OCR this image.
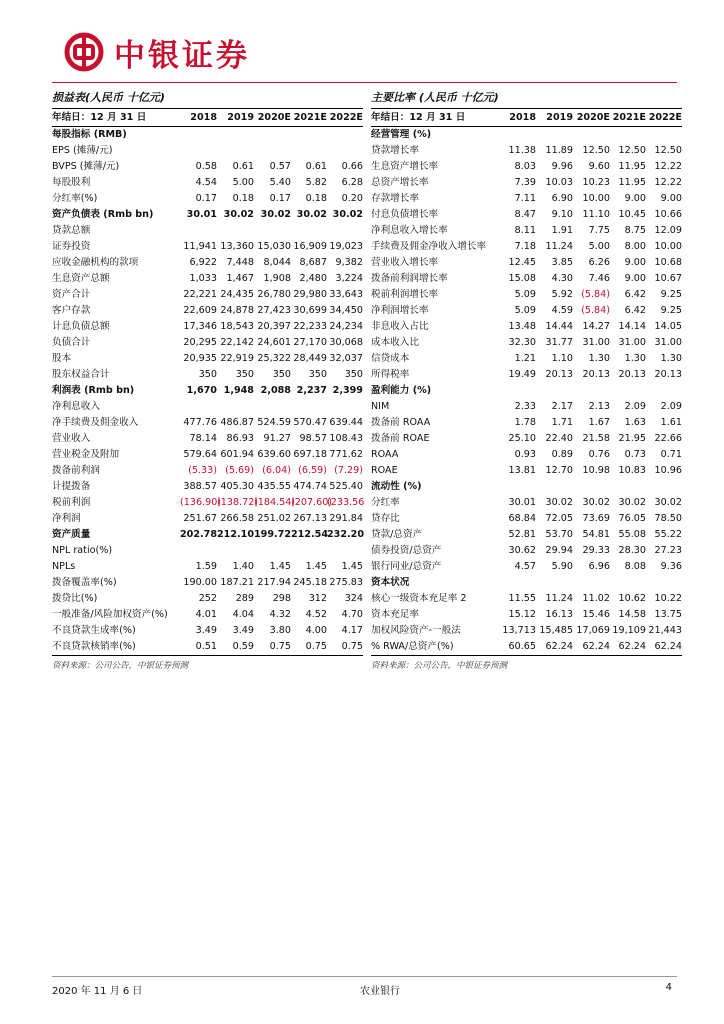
中银证券
损益表(人民币 十亿元)
年结日：12 月 31 日	2018	2019	2020E	2021E	2022E
每股指标 (RMB)					
EPS (摊薄/元)					
BVPS (摊薄/元)	0.58	0.61	0.57	0.61	0.66
每股股利	4.54	5.00	5.40	5.82	6.28
分红率(%)	0.17	0.18	0.17	0.18	0.20
资产负债表 (Rmb bn)	30.01	30.02	30.02	30.02	30.02
贷款总额					
证券投资	11,941	13,360	15,030	16,909	19,023
应收金融机构的款项	6,922	7,448	8,044	8,687	9,382
生息资产总额	1,033	1,467	1,908	2,480	3,224
资产合计	22,221	24,435	26,780	29,980	33,643
客户存款	22,609	24,878	27,423	30,699	34,450
计息负债总额	17,346	18,543	20,397	22,233	24,234
负债合计	20,295	22,142	24,601	27,170	30,068
股本	20,935	22,919	25,322	28,449	32,037
股东权益合计	350	350	350	350	350
利润表 (Rmb bn)	1,670	1,948	2,088	2,237	2,399
净利息收入					
净手续费及佣金收入	477.76	486.87	524.59	570.47	639.44
营业收入	78.14	86.93	91.27	98.57	108.43
营业税金及附加	579.64	601.94	639.60	697.18	771.62
拨备前利润	(5.33)	(5.69)	(6.04)	(6.59)	(7.29)
计提拨备	388.57	405.30	435.55	474.74	525.40
税前利润	(136.90)	(138.72)	(184.54)	(207.60)	(233.56
净利润	251.67	266.58	251.02	267.13	291.84
资产质量	202.78	212.10	199.72	212.54	232.20
NPL ratio(%)					
NPLs	1.59	1.40	1.45	1.45	1.45
拨备覆盖率(%)	190.00	187.21	217.94	245.18	275.83
拨贷比(%)	252	289	298	312	324
一般准备/风险加权资产(%)	4.01	4.04	4.32	4.52	4.70
不良贷款生成率(%)	3.49	3.49	3.80	4.00	4.17
不良贷款核销率(%)	0.51	0.59	0.75	0.75	0.75
资料来源：公司公告，中银证券预测
主要比率 (人民币 十亿元)
年结日：12 月 31 日	2018	2019	2020E	2021E	2022E
经营管理 (%)					
贷款增长率	11.38	11.89	12.50	12.50	12.50
生息资产增长率	8.03	9.96	9.60	11.95	12.22
总资产增长率	7.39	10.03	10.23	11.95	12.22
存款增长率	7.11	6.90	10.00	9.00	9.00
付息负债增长率	8.47	9.10	11.10	10.45	10.66
净利息收入增长率	8.11	1.91	7.75	8.75	12.09
手续费及佣金净收入增长率	7.18	11.24	5.00	8.00	10.00
营业收入增长率	12.45	3.85	6.26	9.00	10.68
拨备前利润增长率	15.08	4.30	7.46	9.00	10.67
税前利润增长率	5.09	5.92	(5.84)	6.42	9.25
净利润增长率	5.09	4.59	(5.84)	6.42	9.25
非息收入占比	13.48	14.44	14.27	14.14	14.05
成本收入比	32.30	31.77	31.00	31.00	31.00
信贷成本	1.21	1.10	1.30	1.30	1.30
所得税率	19.49	20.13	20.13	20.13	20.13
盈利能力 (%)					
NIM	2.33	2.17	2.13	2.09	2.09
拨备前 ROAA	1.78	1.71	1.67	1.63	1.61
拨备前 ROAE	25.10	22.40	21.58	21.95	22.66
ROAA	0.93	0.89	0.76	0.73	0.71
ROAE	13.81	12.70	10.98	10.83	10.96
流动性 (%)					
分红率	30.01	30.02	30.02	30.02	30.02
贷存比	68.84	72.05	73.69	76.05	78.50
贷款/总资产	52.81	53.70	54.81	55.08	55.22
债券投资/总资产	30.62	29.94	29.33	28.30	27.23
银行同业/总资产	4.57	5.90	6.96	8.08	9.36
资本状况					
核心一级资本充足率 2	11.55	11.24	11.02	10.62	10.22
资本充足率	15.12	16.13	15.46	14.58	13.75
加权风险资产-一般法	13,713	15,485	17,069	19,109	21,443
% RWA/总资产(%)	60.65	62.24	62.24	62.24	62.24
资料来源：公司公告，中银证券预测
2020 年 11 月 6 日	农业银行	4
